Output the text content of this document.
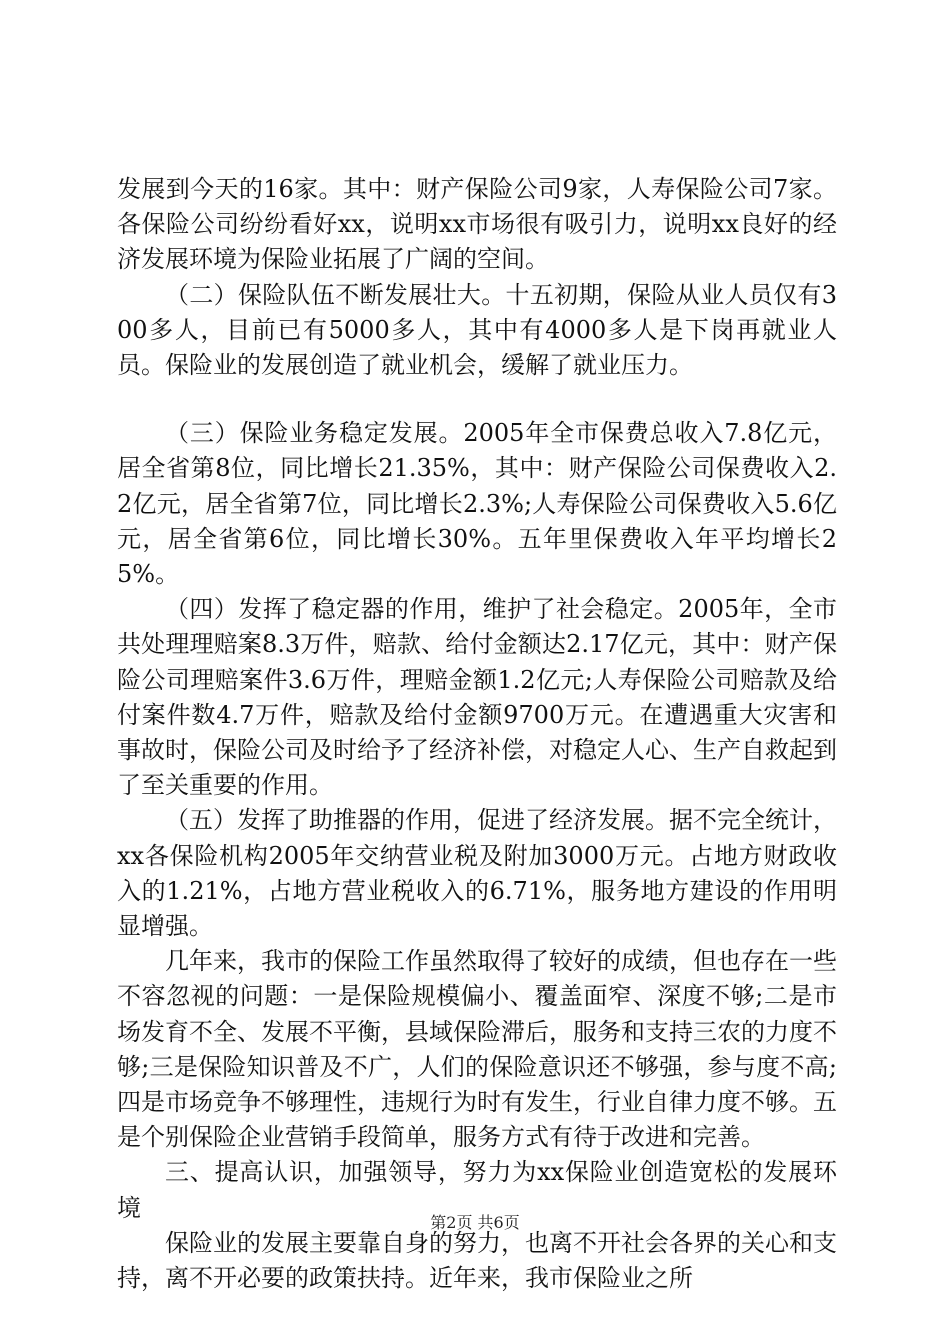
发展到今天的16家。其中：财产保险公司9家，人寿保险公司7家。各保险公司纷纷看好xx，说明xx市场很有吸引力，说明xx良好的经济发展环境为保险业拓展了广阔的空间。

（二）保险队伍不断发展壮大。十五初期，保险从业人员仅有300多人，目前已有5000多人，其中有4000多人是下岗再就业人员。保险业的发展创造了就业机会，缓解了就业压力。

（三）保险业务稳定发展。2005年全市保费总收入7.8亿元，居全省第8位，同比增长21.35%，其中：财产保险公司保费收入2.2亿元，居全省第7位，同比增长2.3%;人寿保险公司保费收入5.6亿元，居全省第6位，同比增长30%。五年里保费收入年平均增长25%。

（四）发挥了稳定器的作用，维护了社会稳定。2005年，全市共处理理赔案8.3万件，赔款、给付金额达2.17亿元，其中：财产保险公司理赔案件3.6万件，理赔金额1.2亿元;人寿保险公司赔款及给付案件数4.7万件，赔款及给付金额9700万元。在遭遇重大灾害和事故时，保险公司及时给予了经济补偿，对稳定人心、生产自救起到了至关重要的作用。

（五）发挥了助推器的作用，促进了经济发展。据不完全统计，xx各保险机构2005年交纳营业税及附加3000万元。占地方财政收入的1.21%，占地方营业税收入的6.71%，服务地方建设的作用明显增强。

几年来，我市的保险工作虽然取得了较好的成绩，但也存在一些不容忽视的问题：一是保险规模偏小、覆盖面窄、深度不够;二是市场发育不全、发展不平衡，县域保险滞后，服务和支持三农的力度不够;三是保险知识普及不广，人们的保险意识还不够强，参与度不高;四是市场竞争不够理性，违规行为时有发生，行业自律力度不够。五是个别保险企业营销手段简单，服务方式有待于改进和完善。

三、提高认识，加强领导，努力为xx保险业创造宽松的发展环境

保险业的发展主要靠自身的努力，也离不开社会各界的关心和支持，离不开必要的政策扶持。近年来，我市保险业之所

第2页 共6页
